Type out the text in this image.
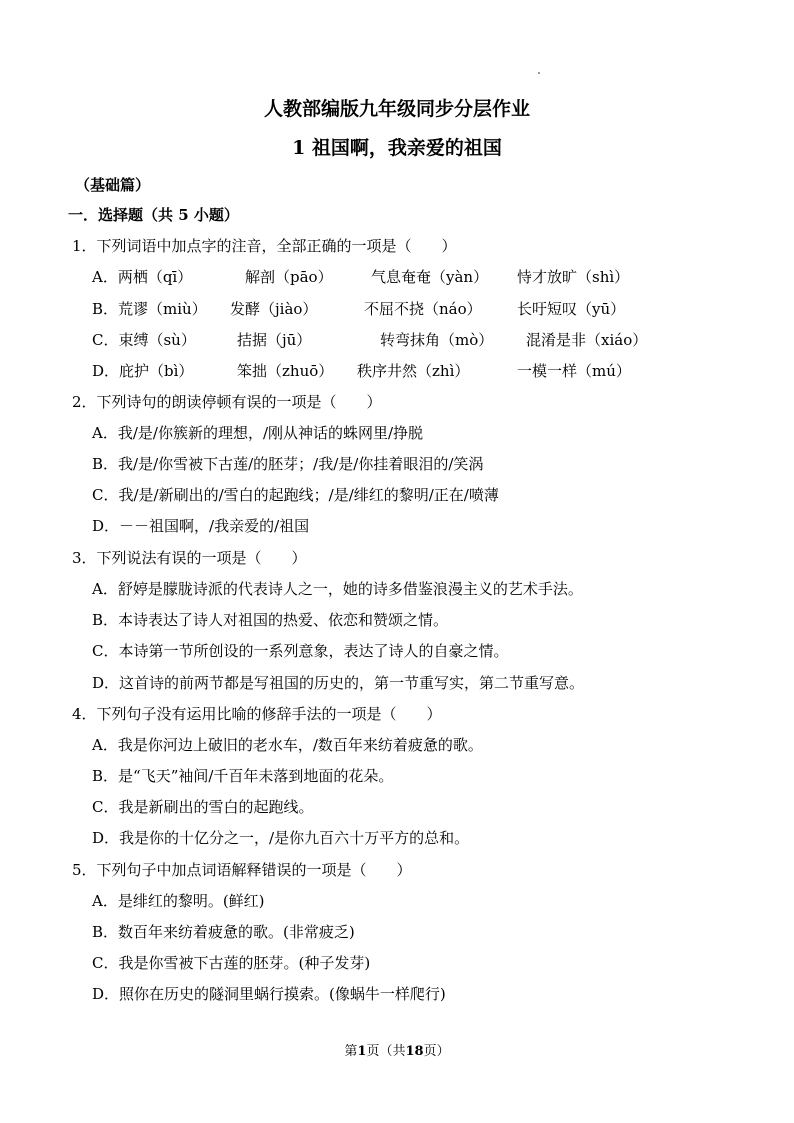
人教部编版九年级同步分层作业
1 祖国啊，我亲爱的祖国
（基础篇）
一．选择题（共 5 小题）
1．下列词语中加点字的注音，全部正确的一项是（　　）
A．两栖（qī）	解剖（pāo）	气息奄奄（yàn） 恃才放旷（shì）
B．荒谬（miù） 发酵（jiào）	不屈不挠（náo） 长吁短叹（yū）
C．束缚（sù）	拮据（jū）	转弯抹角（mò） 混淆是非（xiáo）
D．庇护（bì）	笨拙（zhuō） 秩序井然（zhì）	一模一样（mú）
2．下列诗句的朗读停顿有误的一项是（　　）
A．我/是/你簇新的理想，/刚从神话的蛛网里/挣脱
B．我/是/你雪被下古莲/的胚芽；/我/是/你挂着眼泪的/笑涡
C．我/是/新刷出的/雪白的起跑线；/是/绯红的黎明/正在/喷薄
D．－－祖国啊，/我亲爱的/祖国
3．下列说法有误的一项是（　　）
A．舒婷是朦胧诗派的代表诗人之一，她的诗多借鉴浪漫主义的艺术手法。
B．本诗表达了诗人对祖国的热爱、依恋和赞颂之情。
C．本诗第一节所创设的一系列意象，表达了诗人的自豪之情。
D．这首诗的前两节都是写祖国的历史的，第一节重写实，第二节重写意。
4．下列句子没有运用比喻的修辞手法的一项是（　　）
A．我是你河边上破旧的老水车，/数百年来纺着疲惫的歌。
B．是“飞天”袖间/千百年未落到地面的花朵。
C．我是新刷出的雪白的起跑线。
D．我是你的十亿分之一，/是你九百六十万平方的总和。
5．下列句子中加点词语解释错误的一项是（　　）
A．是绯红的黎明。(鲜红)
B．数百年来纺着疲惫的歌。(非常疲乏)
C．我是你雪被下古莲的胚芽。(种子发芽)
D．照你在历史的隧洞里蜗行摸索。(像蜗牛一样爬行)
第1页（共18页）
